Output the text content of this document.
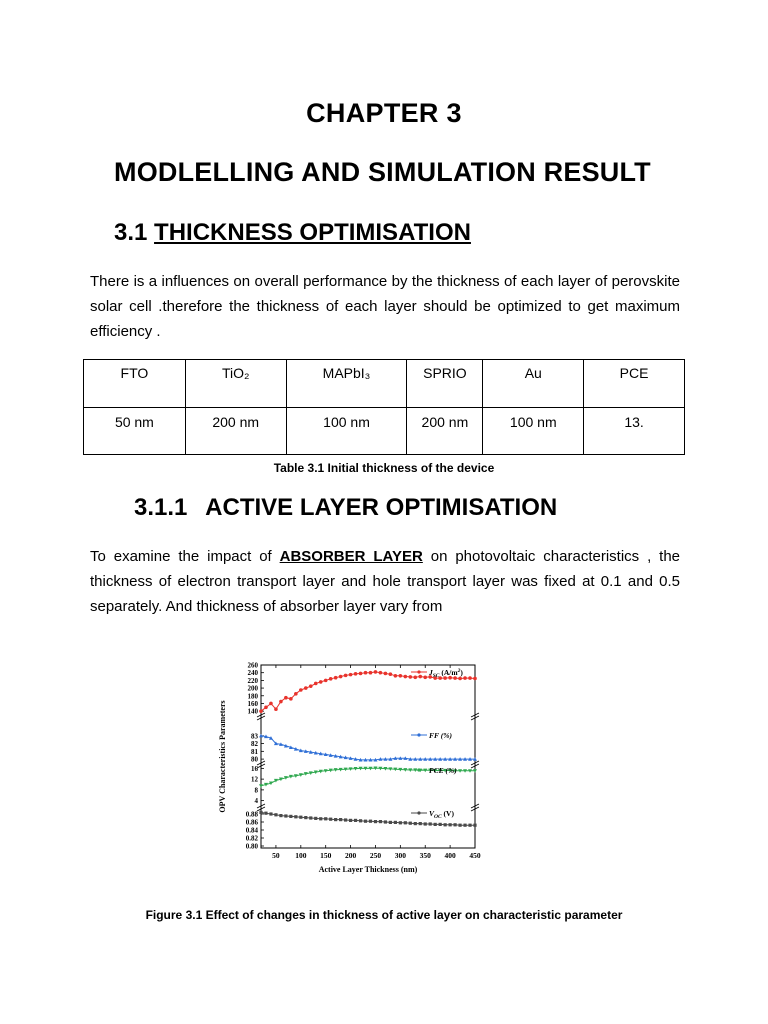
CHAPTER 3
MODLELLING AND SIMULATION RESULT
3.1 THICKNESS OPTIMISATION
There is a influences on overall performance by the thickness of each layer of perovskite solar cell .therefore the thickness of each layer should be optimized to get maximum efficiency .
FTO	TiO₂	MAPbI₃	SPRIO	Au	PCE
50 nm	200 nm	100 nm	200 nm	100 nm	13.
Table 3.1 Initial thickness of the device
3.1.1 ACTIVE LAYER OPTIMISATION
To examine the impact of ABSORBER LAYER on photovoltaic characteristics , the thickness of electron transport layer and hole transport layer was fixed at 0.1 and 0.5 separately. And thickness of absorber layer vary from
50 100 150 200 250 300 350 400 450
Active Layer Thickness (nm)
OPV Characteristics Parameters
260
240
220
200
180
160
140
$J_{SC}$ $(A/m^2)$
83
82
81
80
FF (%)
16
12
8
4
PCE (%)
0.88
0.86
0.84
0.82
0.80
$V_{OC}$ (V)
Figure 3.1 Effect of changes in thickness of active layer on characteristic parameter
